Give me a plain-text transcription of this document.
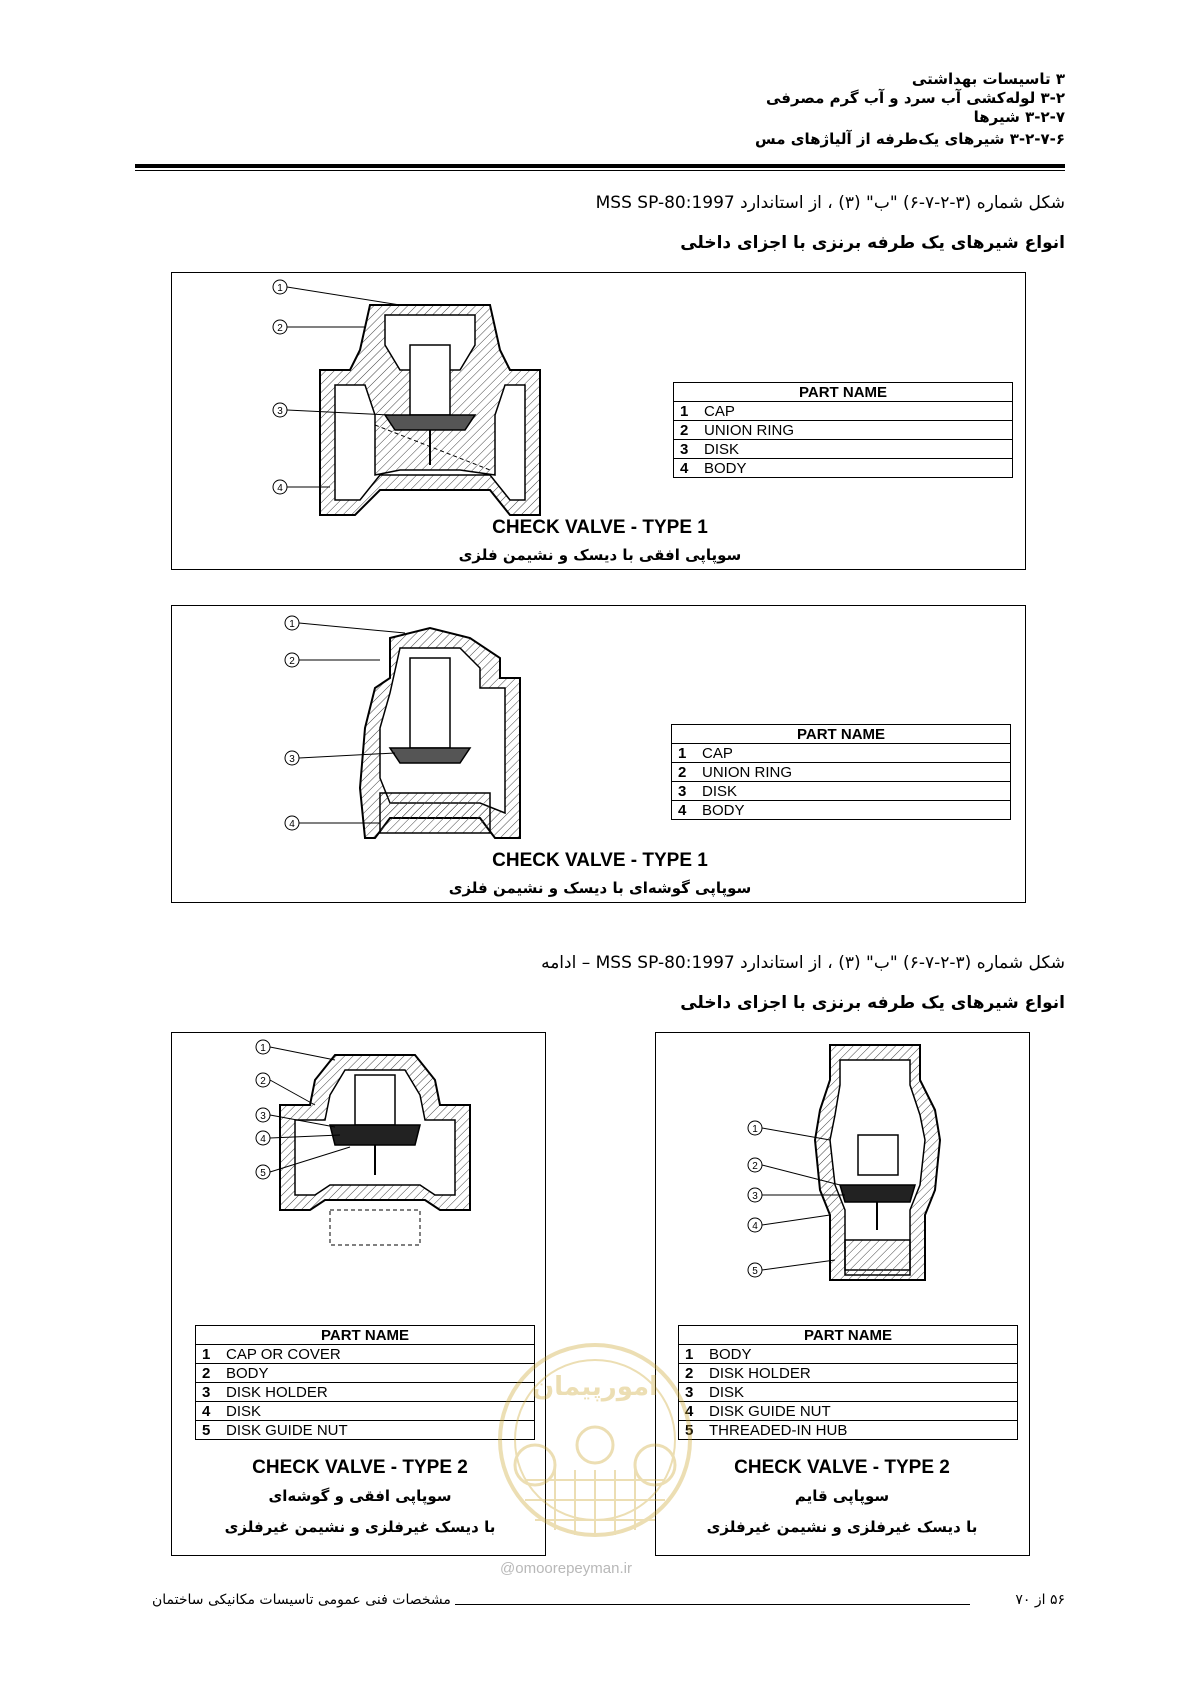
۳ تاسیسات بهداشتی
۳-۲ لوله‌کشی آب سرد و آب گرم مصرفی
۳-۲-۷ شیرها
۳-۲-۷-۶ شیرهای یک‌طرفه از آلیاژهای مس
شکل شماره (۳-۲-۷-۶) "ب" (۳) ، از استاندارد MSS SP-80:1997
انواع شیرهای یک طرفه برنزی با اجزای داخلی
1
2
3
4
PART NAME	
1	CAP
2	UNION RING
3	DISK
4	BODY
CHECK VALVE - TYPE 1
سوپاپی افقی با دیسک و نشیمن فلزی
1
2
3
4
PART NAME	
1	CAP
2	UNION RING
3	DISK
4	BODY
CHECK VALVE - TYPE 1
سوپاپی گوشه‌ای با دیسک و نشیمن فلزی
شکل شماره (۳-۲-۷-۶) "ب" (۳) ، از استاندارد MSS SP-80:1997 – ادامه
انواع شیرهای یک طرفه برنزی با اجزای داخلی
1
2
3
4
5
PART NAME	
1	CAP OR COVER
2	BODY
3	DISK HOLDER
4	DISK
5	DISK GUIDE NUT
CHECK VALVE - TYPE 2
سوپاپی افقی و گوشه‌ای
با دیسک غیرفلزی و نشیمن غیرفلزی
1
2
3
4
5
PART NAME	
1	BODY
2	DISK HOLDER
3	DISK
4	DISK GUIDE NUT
5	THREADED-IN HUB
CHECK VALVE - TYPE 2
سوپاپی قایم
با دیسک غیرفلزی و نشیمن غیرفلزی
امورپیمان
@omoorepeyman.ir
۵۶ از ۷۰
مشخصات فنی عمومی تاسیسات مکانیکی ساختمان
